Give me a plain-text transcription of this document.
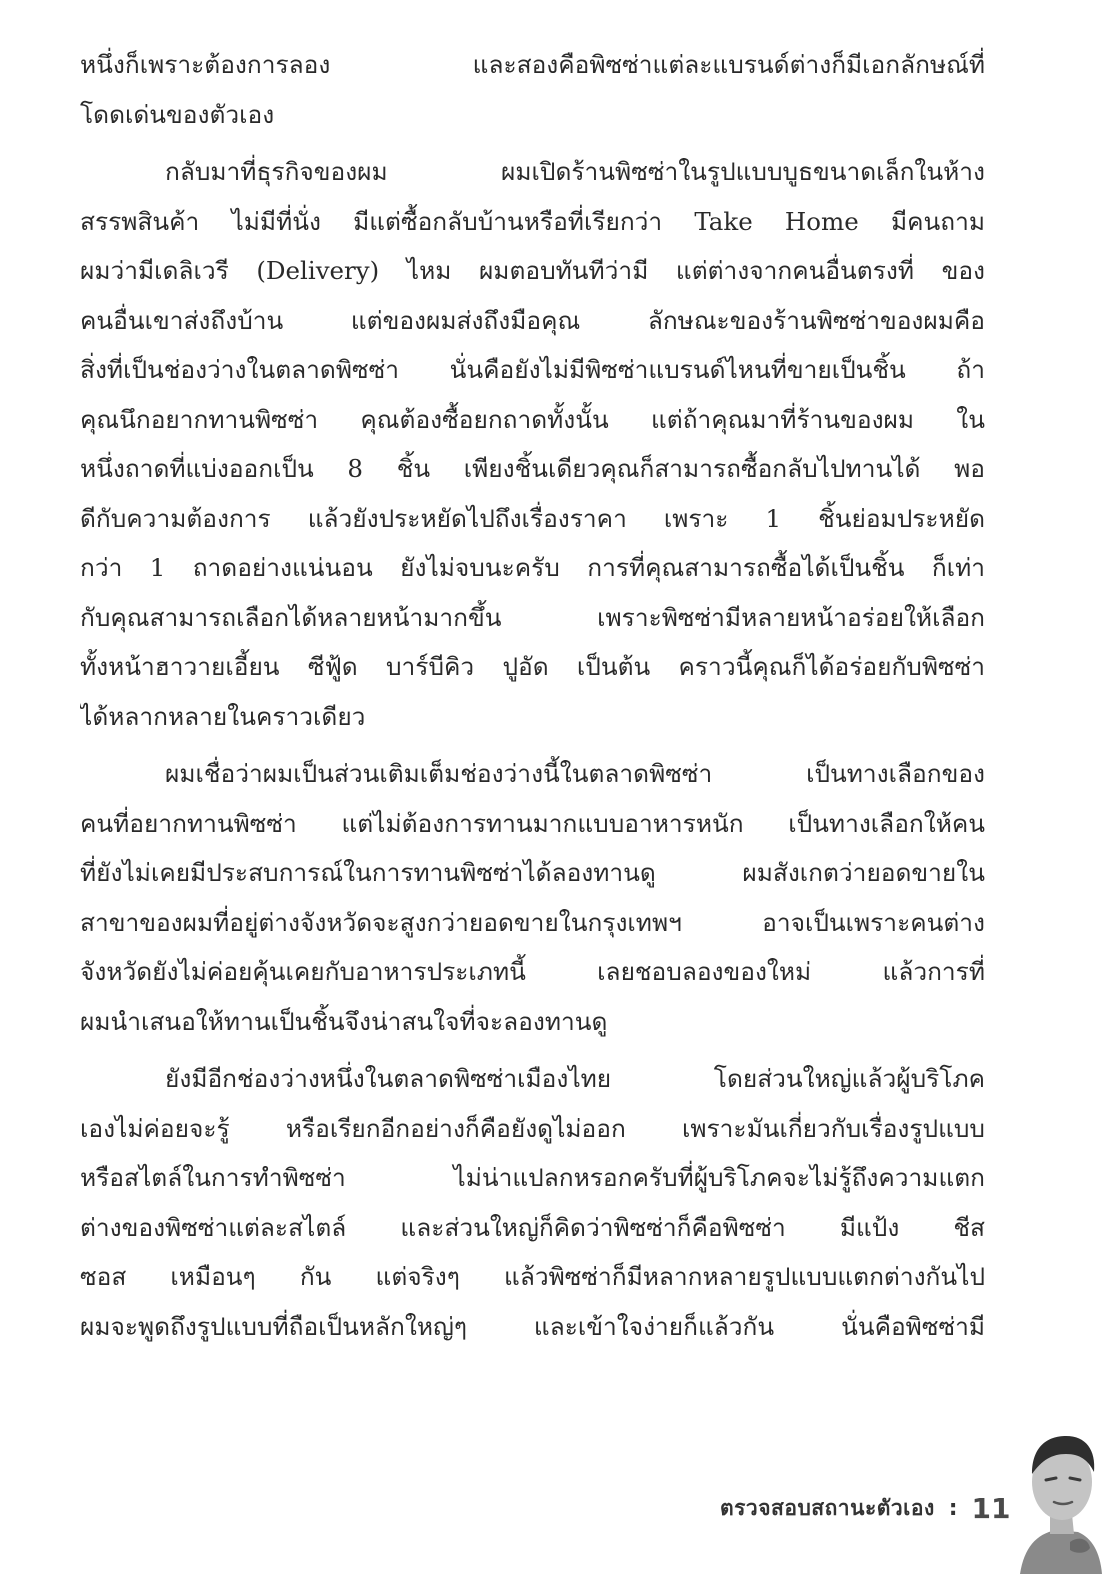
หนึ่งก็เพราะต้องการลอง และสองคือพิซซ่าแต่ละแบรนด์ต่างก็มีเอกลักษณ์ที่
โดดเด่นของตัวเอง

กลับมาที่ธุรกิจของผม ผมเปิดร้านพิซซ่าในรูปแบบบูธขนาดเล็กในห้าง
สรรพสินค้า ไม่มีที่นั่ง มีแต่ซื้อกลับบ้านหรือที่เรียกว่า Take Home มีคนถาม
ผมว่ามีเดลิเวรี (Delivery) ไหม ผมตอบทันทีว่ามี แต่ต่างจากคนอื่นตรงที่ ของ
คนอื่นเขาส่งถึงบ้าน แต่ของผมส่งถึงมือคุณ ลักษณะของร้านพิซซ่าของผมคือ
สิ่งที่เป็นช่องว่างในตลาดพิซซ่า นั่นคือยังไม่มีพิซซ่าแบรนด์ไหนที่ขายเป็นชิ้น ถ้า
คุณนึกอยากทานพิซซ่า คุณต้องซื้อยกถาดทั้งนั้น แต่ถ้าคุณมาที่ร้านของผม ใน
หนึ่งถาดที่แบ่งออกเป็น 8 ชิ้น เพียงชิ้นเดียวคุณก็สามารถซื้อกลับไปทานได้ พอ
ดีกับความต้องการ แล้วยังประหยัดไปถึงเรื่องราคา เพราะ 1 ชิ้นย่อมประหยัด
กว่า 1 ถาดอย่างแน่นอน ยังไม่จบนะครับ การที่คุณสามารถซื้อได้เป็นชิ้น ก็เท่า
กับคุณสามารถเลือกได้หลายหน้ามากขึ้น เพราะพิซซ่ามีหลายหน้าอร่อยให้เลือก
ทั้งหน้าฮาวายเอี้ยน ซีฟู้ด บาร์บีคิว ปูอัด เป็นต้น คราวนี้คุณก็ได้อร่อยกับพิซซ่า
ได้หลากหลายในคราวเดียว

ผมเชื่อว่าผมเป็นส่วนเติมเต็มช่องว่างนี้ในตลาดพิซซ่า เป็นทางเลือกของ
คนที่อยากทานพิซซ่า แต่ไม่ต้องการทานมากแบบอาหารหนัก เป็นทางเลือกให้คน
ที่ยังไม่เคยมีประสบการณ์ในการทานพิซซ่าได้ลองทานดู ผมสังเกตว่ายอดขายใน
สาขาของผมที่อยู่ต่างจังหวัดจะสูงกว่ายอดขายในกรุงเทพฯ อาจเป็นเพราะคนต่าง
จังหวัดยังไม่ค่อยคุ้นเคยกับอาหารประเภทนี้ เลยชอบลองของใหม่ แล้วการที่
ผมนำเสนอให้ทานเป็นชิ้นจึงน่าสนใจที่จะลองทานดู

ยังมีอีกช่องว่างหนึ่งในตลาดพิซซ่าเมืองไทย โดยส่วนใหญ่แล้วผู้บริโภค
เองไม่ค่อยจะรู้ หรือเรียกอีกอย่างก็คือยังดูไม่ออก เพราะมันเกี่ยวกับเรื่องรูปแบบ
หรือสไตล์ในการทำพิซซ่า ไม่น่าแปลกหรอกครับที่ผู้บริโภคจะไม่รู้ถึงความแตก
ต่างของพิซซ่าแต่ละสไตล์ และส่วนใหญ่ก็คิดว่าพิซซ่าก็คือพิซซ่า มีแป้ง ชีส
ซอส เหมือนๆ กัน แต่จริงๆ แล้วพิซซ่าก็มีหลากหลายรูปแบบแตกต่างกันไป
ผมจะพูดถึงรูปแบบที่ถือเป็นหลักใหญ่ๆ และเข้าใจง่ายก็แล้วกัน นั่นคือพิซซ่ามี

ตรวจสอบสถานะตัวเอง : 11
